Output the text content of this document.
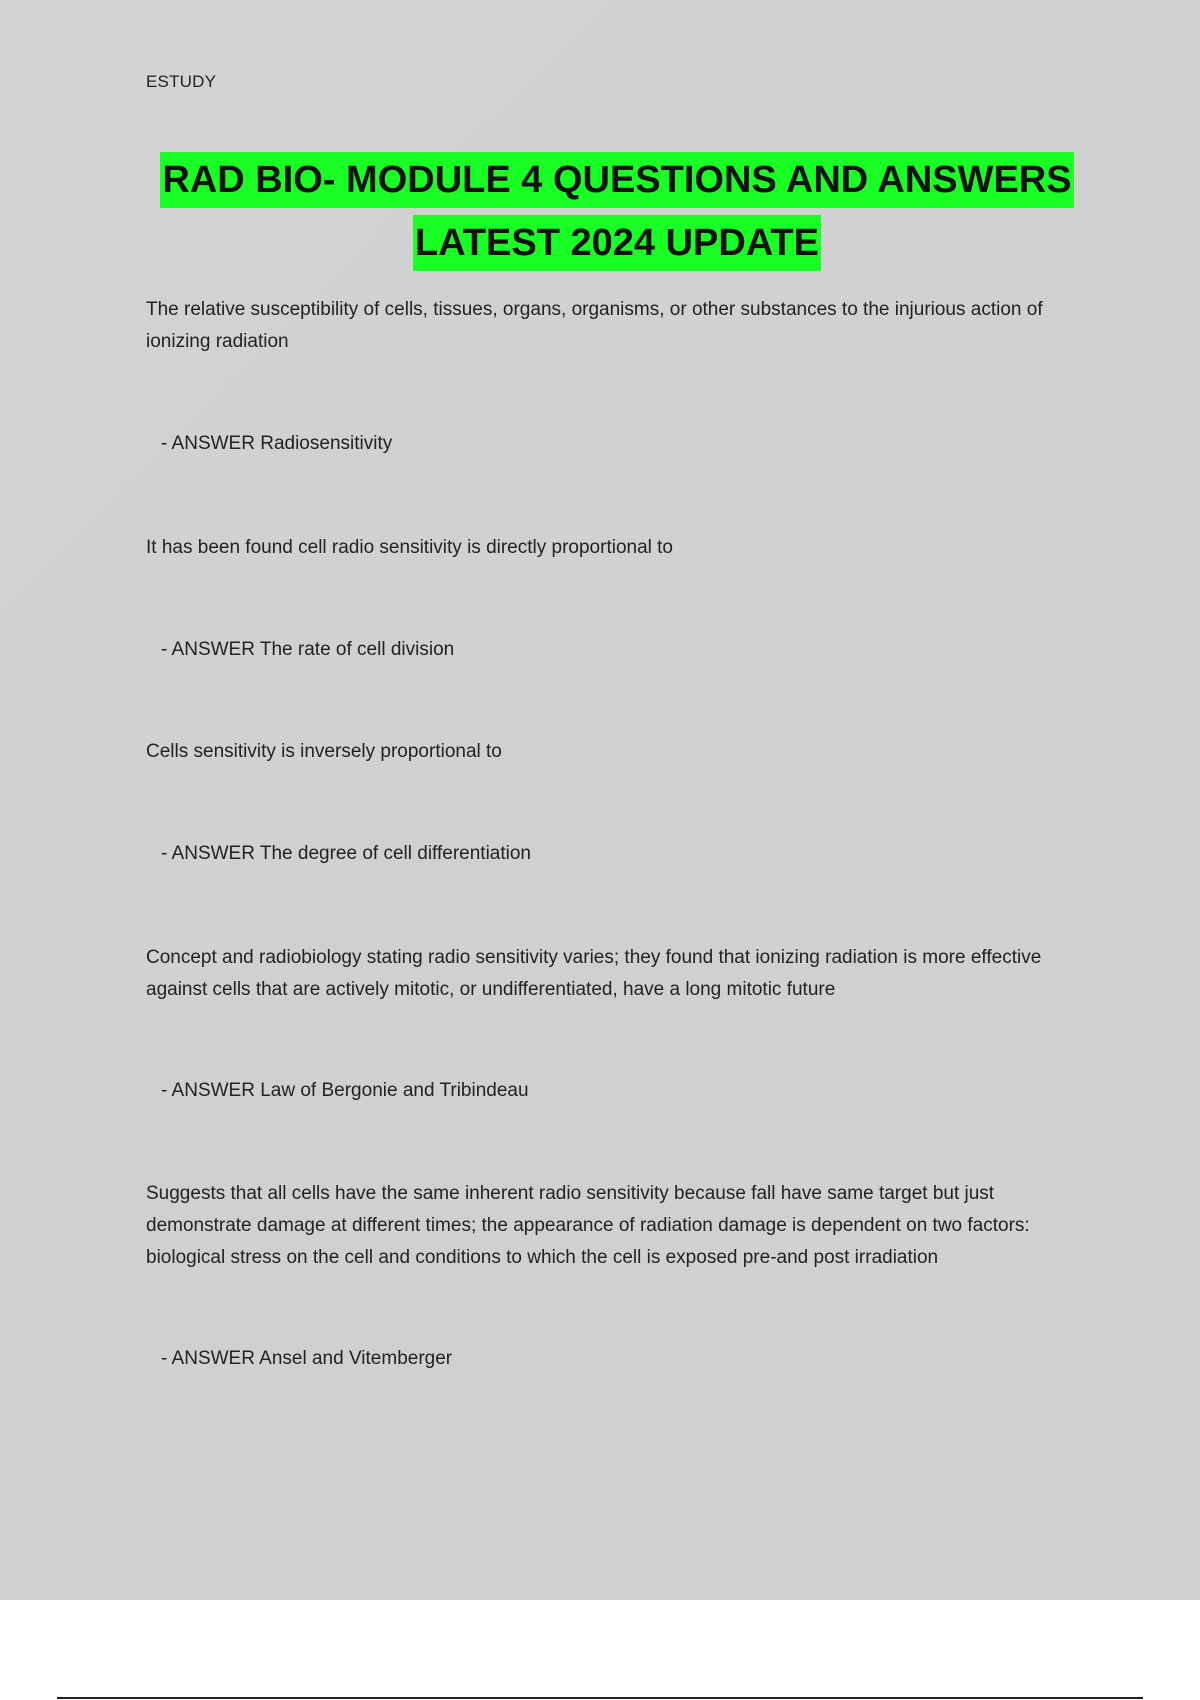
ESTUDY
RAD BIO- MODULE 4 QUESTIONS AND ANSWERS
LATEST 2024 UPDATE
The relative susceptibility of cells, tissues, organs, organisms, or other substances to the injurious action of ionizing radiation
- ANSWER Radiosensitivity
It has been found cell radio sensitivity is directly proportional to
- ANSWER The rate of cell division
Cells sensitivity is inversely proportional to
- ANSWER The degree of cell differentiation
Concept and radiobiology stating radio sensitivity varies; they found that ionizing radiation is more effective against cells that are actively mitotic, or undifferentiated, have a long mitotic future
- ANSWER Law of Bergonie and Tribindeau
Suggests that all cells have the same inherent radio sensitivity because fall have same target but just demonstrate damage at different times; the appearance of radiation damage is dependent on two factors: biological stress on the cell and conditions to which the cell is exposed pre-and post irradiation
- ANSWER Ansel and Vitemberger
